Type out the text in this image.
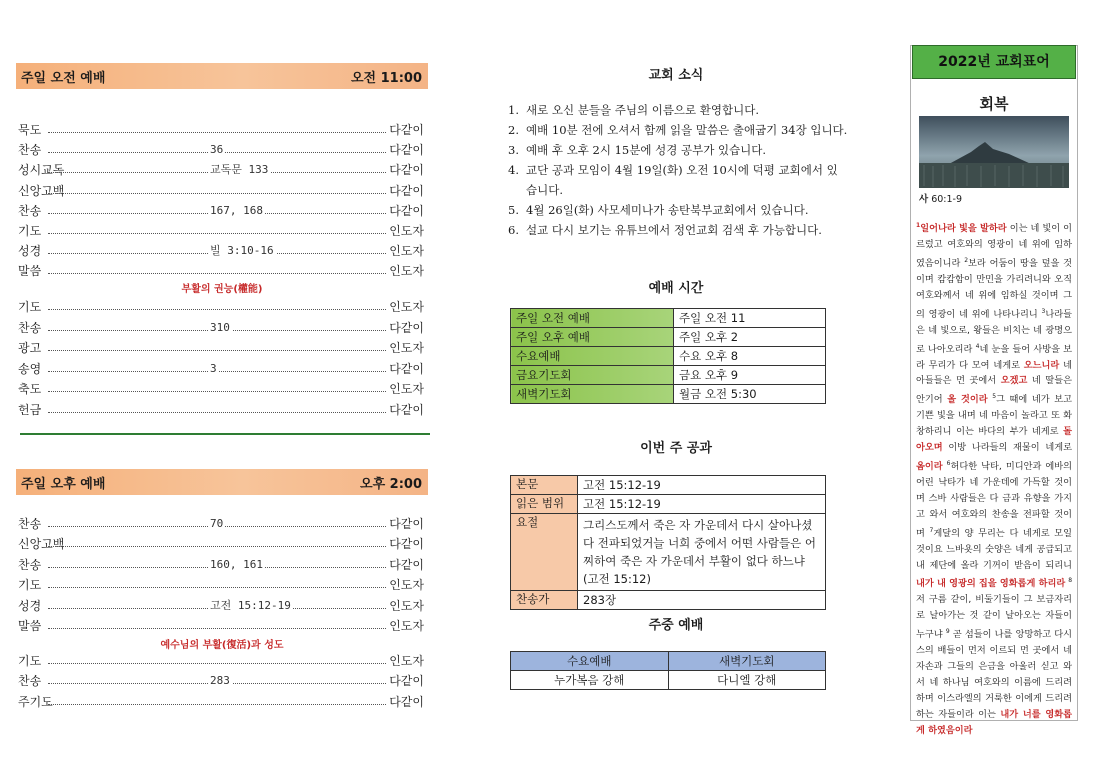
주일 오전 예배	오전 11:00
묵도	다같이
찬송	36	다같이
성시교독	교독문 133	다같이
신앙고백	다같이
찬송	167, 168	다같이
기도	인도자
성경	빌 3:10-16	인도자
말씀	인도자
부활의 권능(權能)
기도	인도자
찬송	310	다같이
광고	인도자
송영	3	다같이
축도	인도자
헌금	다같이
주일 오후 예배	오후 2:00
찬송	70	다같이
신앙고백	다같이
찬송	160, 161	다같이
기도	인도자
성경	고전 15:12-19	인도자
말씀	인도자
예수님의 부활(復活)과 성도
기도	인도자
찬송	283	다같이
주기도	다같이
교회 소식
1. 새로 오신 분들을 주님의 이름으로 환영합니다.
2. 예배 10분 전에 오셔서 함께 읽을 말씀은 출애굽기 34장 입니다.
3. 예배 후 오후 2시 15분에 성경 공부가 있습니다.
4. 교단 공과 모임이 4월 19일(화) 오전 10시에 덕평 교회에서 있습니다.
5. 4월 26일(화) 사모세미나가 송탄북부교회에서 있습니다.
6. 설교 다시 보기는 유튜브에서 정언교회 검색 후 가능합니다.
예배 시간
주일 오전 예배	주일 오전 11
주일 오후 예배	주일 오후 2
수요예배	수요 오후 8
금요기도회	금요 오후 9
새벽기도회	월금 오전 5:30
이번 주 공과
본문	고전 15:12-19
읽은 범위	고전 15:12-19
요절	그리스도께서 죽은 자 가운데서 다시 살아나셨다 전파되었거늘 너희 중에서 어떤 사람들은 어찌하여 죽은 자 가운데서 부활이 없다 하느냐 (고전 15:12)
찬송가	283장
주중 예배
수요예배	새벽기도회
누가복음 강해	다니엘 강해
2022년 교회표어
회복
사 60:1-9
$^1$일어나라 빛을 발하라 이는 네 빛이 이르렀고 여호와의 영광이 네 위에 임하였음이니라 $^2$보라 어둠이 땅을 덮을 것이며 캄캄함이 만민을 가리려니와 오직 여호와께서 네 위에 임하실 것이며 그의 영광이 네 위에 나타나리니 $^3$나라들은 네 빛으로, 왕들은 비치는 네 광명으로 나아오리라 $^4$네 눈을 들어 사방을 보라 무리가 다 모여 네게로 오느니라 네 아들들은 먼 곳에서 오겠고 네 딸들은 안기어 올 것이라 $^5$그 때에 네가 보고 기쁜 빛을 내며 네 마음이 놀라고 또 화창하리니 이는 바다의 부가 네게로 돌아오며 이방 나라들의 재물이 네게로 옴이라 $^6$허다한 낙타, 미디안과 에바의 어린 낙타가 네 가운데에 가득할 것이며 스바 사람들은 다 금과 유향을 가지고 와서 여호와의 찬송을 전파할 것이며 $^7$게달의 양 무리는 다 네게로 모일 것이요 느바욧의 숫양은 네게 공급되고 내 제단에 올라 기꺼이 받음이 되리니 내가 내 영광의 집을 영화롭게 하리라 $^8$저 구름 같이, 비둘기들이 그 보금자리로 날아가는 것 같이 날아오는 자들이 누구냐 $^9$ 곧 섬들이 나를 앙망하고 다시스의 배들이 먼저 이르되 먼 곳에서 네 자손과 그들의 은금을 아울러 싣고 와서 네 하나님 여호와의 이름에 드리려 하며 이스라엘의 거룩한 이에게 드리려 하는 자들이라 이는 내가 너를 영화롭게 하였음이라
